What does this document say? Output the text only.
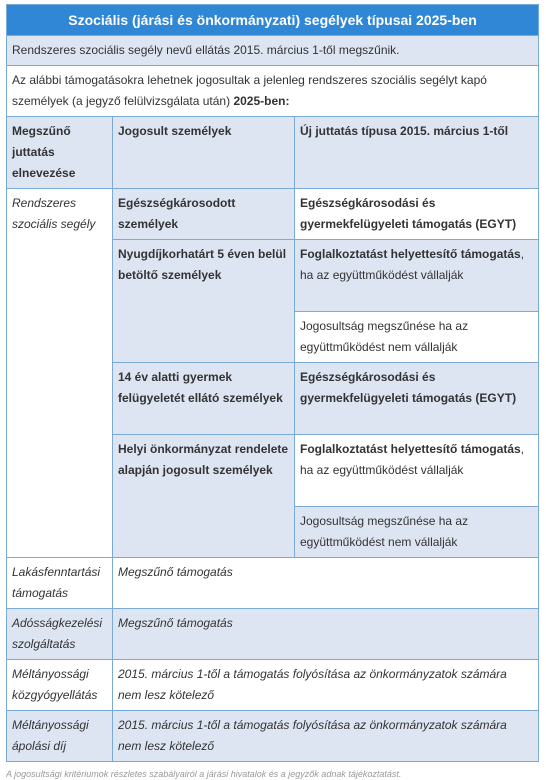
Szociális (járási és önkormányzati) segélyek típusai 2025-ben		
Rendszeres szociális segély nevű ellátás 2015. március 1-től megszűnik.		
Az alábbi támogatásokra lehetnek jogosultak a jelenleg rendszeres szociális segélyt kapó személyek (a jegyző felülvizsgálata után) 2025-ben:		
Megszűnő juttatás elnevezése	Jogosult személyek	Új juttatás típusa 2015. március 1-től
Rendszeres szociális segély	Egészségkárosodott személyek	Egészségkárosodási és gyermekfelügyeleti támogatás (EGYT)
	Nyugdíjkorhatárt 5 éven belül betöltő személyek	Foglalkoztatást helyettesítő támogatás, ha az együttműködést vállalják
		Jogosultság megszűnése ha az együttműködést nem vállalják
	14 év alatti gyermek felügyeletét ellátó személyek	Egészségkárosodási és gyermekfelügyeleti támogatás (EGYT)
	Helyi önkormányzat rendelete alapján jogosult személyek	Foglalkoztatást helyettesítő támogatás, ha az együttműködést vállalják
		Jogosultság megszűnése ha az együttműködést nem vállalják
Lakásfenntartási támogatás	Megszűnő támogatás	
Adósságkezelési szolgáltatás	Megszűnő támogatás	
Méltányossági közgyógyellátás	2015. március 1-től a támogatás folyósítása az önkormányzatok számára nem lesz kötelező	
Méltányossági ápolási díj	2015. március 1-től a támogatás folyósítása az önkormányzatok számára nem lesz kötelező	
A jogosultsági kritériumok részletes szabályairól a járási hivatalok és a jegyzők adnak tájékoztatást.
